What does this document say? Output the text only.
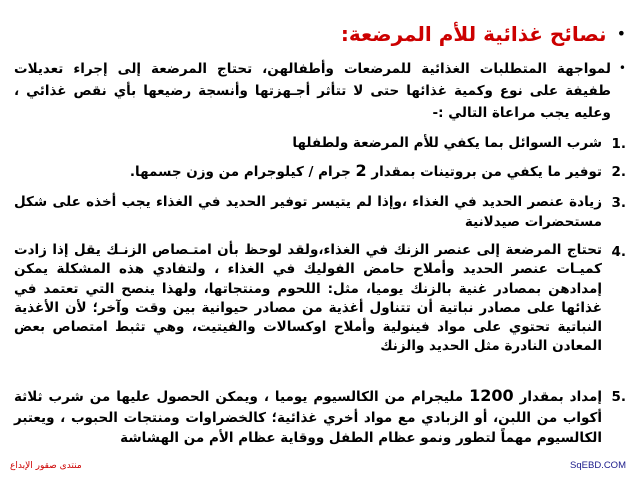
•
نصائح غذائية للأم المرضعة:
•
لمواجهة المتطلبات الغذائية للمرضعات وأطفالهن، تحتاج المرضعة إلى إجراء تعديلات طفيفة على نوع وكمية غذائها حتى لا تتأثر أجـهزتها وأنسجة رضيعها بأي نقص غذائي ، وعليه يجب مراعاة التالي :-
.1
شرب السوائل بما يكفي للأم المرضعة ولطفلها
.2
توفير ما يكفي من بروتينات بمقدار 2 جرام / كيلوجرام من وزن جسمها.
.3
زيادة عنصر الحديد في الغذاء ،وإذا لم يتيسر توفير الحديد في الغذاء يجب أخذه على شكل مستحضرات صيدلانية
.4
تحتاج المرضعة إلى عنصر الزنك في الغذاء،ولقد لوحظ بأن امتـصاص الزنـك يقل إذا زادت كميـات عنصر الحديد وأملاح حامض الفوليك في الغذاء ، ولتفادي هذه المشكلة يمكن إمدادهن بمصادر غنية بالزنك يوميا، مثل: اللحوم ومنتجاتها، ولهذا ينصح التي تعتمد في غذائها على مصادر نباتية أن تتناول أغذية من مصادر حيوانية بين وقت وآخر؛ لأن الأغذية النباتية تحتوي على مواد فينولية وأملاح اوكسالات والفيتيت، وهي تثبط امتصاص بعض المعادن النادرة مثل الحديد والزنك
.5
إمداد بمقدار 1200 مليجرام من الكالسيوم يوميا ، ويمكن الحصول عليها من شرب ثلاثة أكواب من اللبن، أو الزبادي مع مواد أخري غذائية؛ كالخضراوات ومنتجات الحبوب ، ويعتبر الكالسيوم مهماً لتطور ونمو عظام الطفل ووقاية عظام الأم من الهشاشة
منتدى صقور الإبداع	SqEBD.COM
